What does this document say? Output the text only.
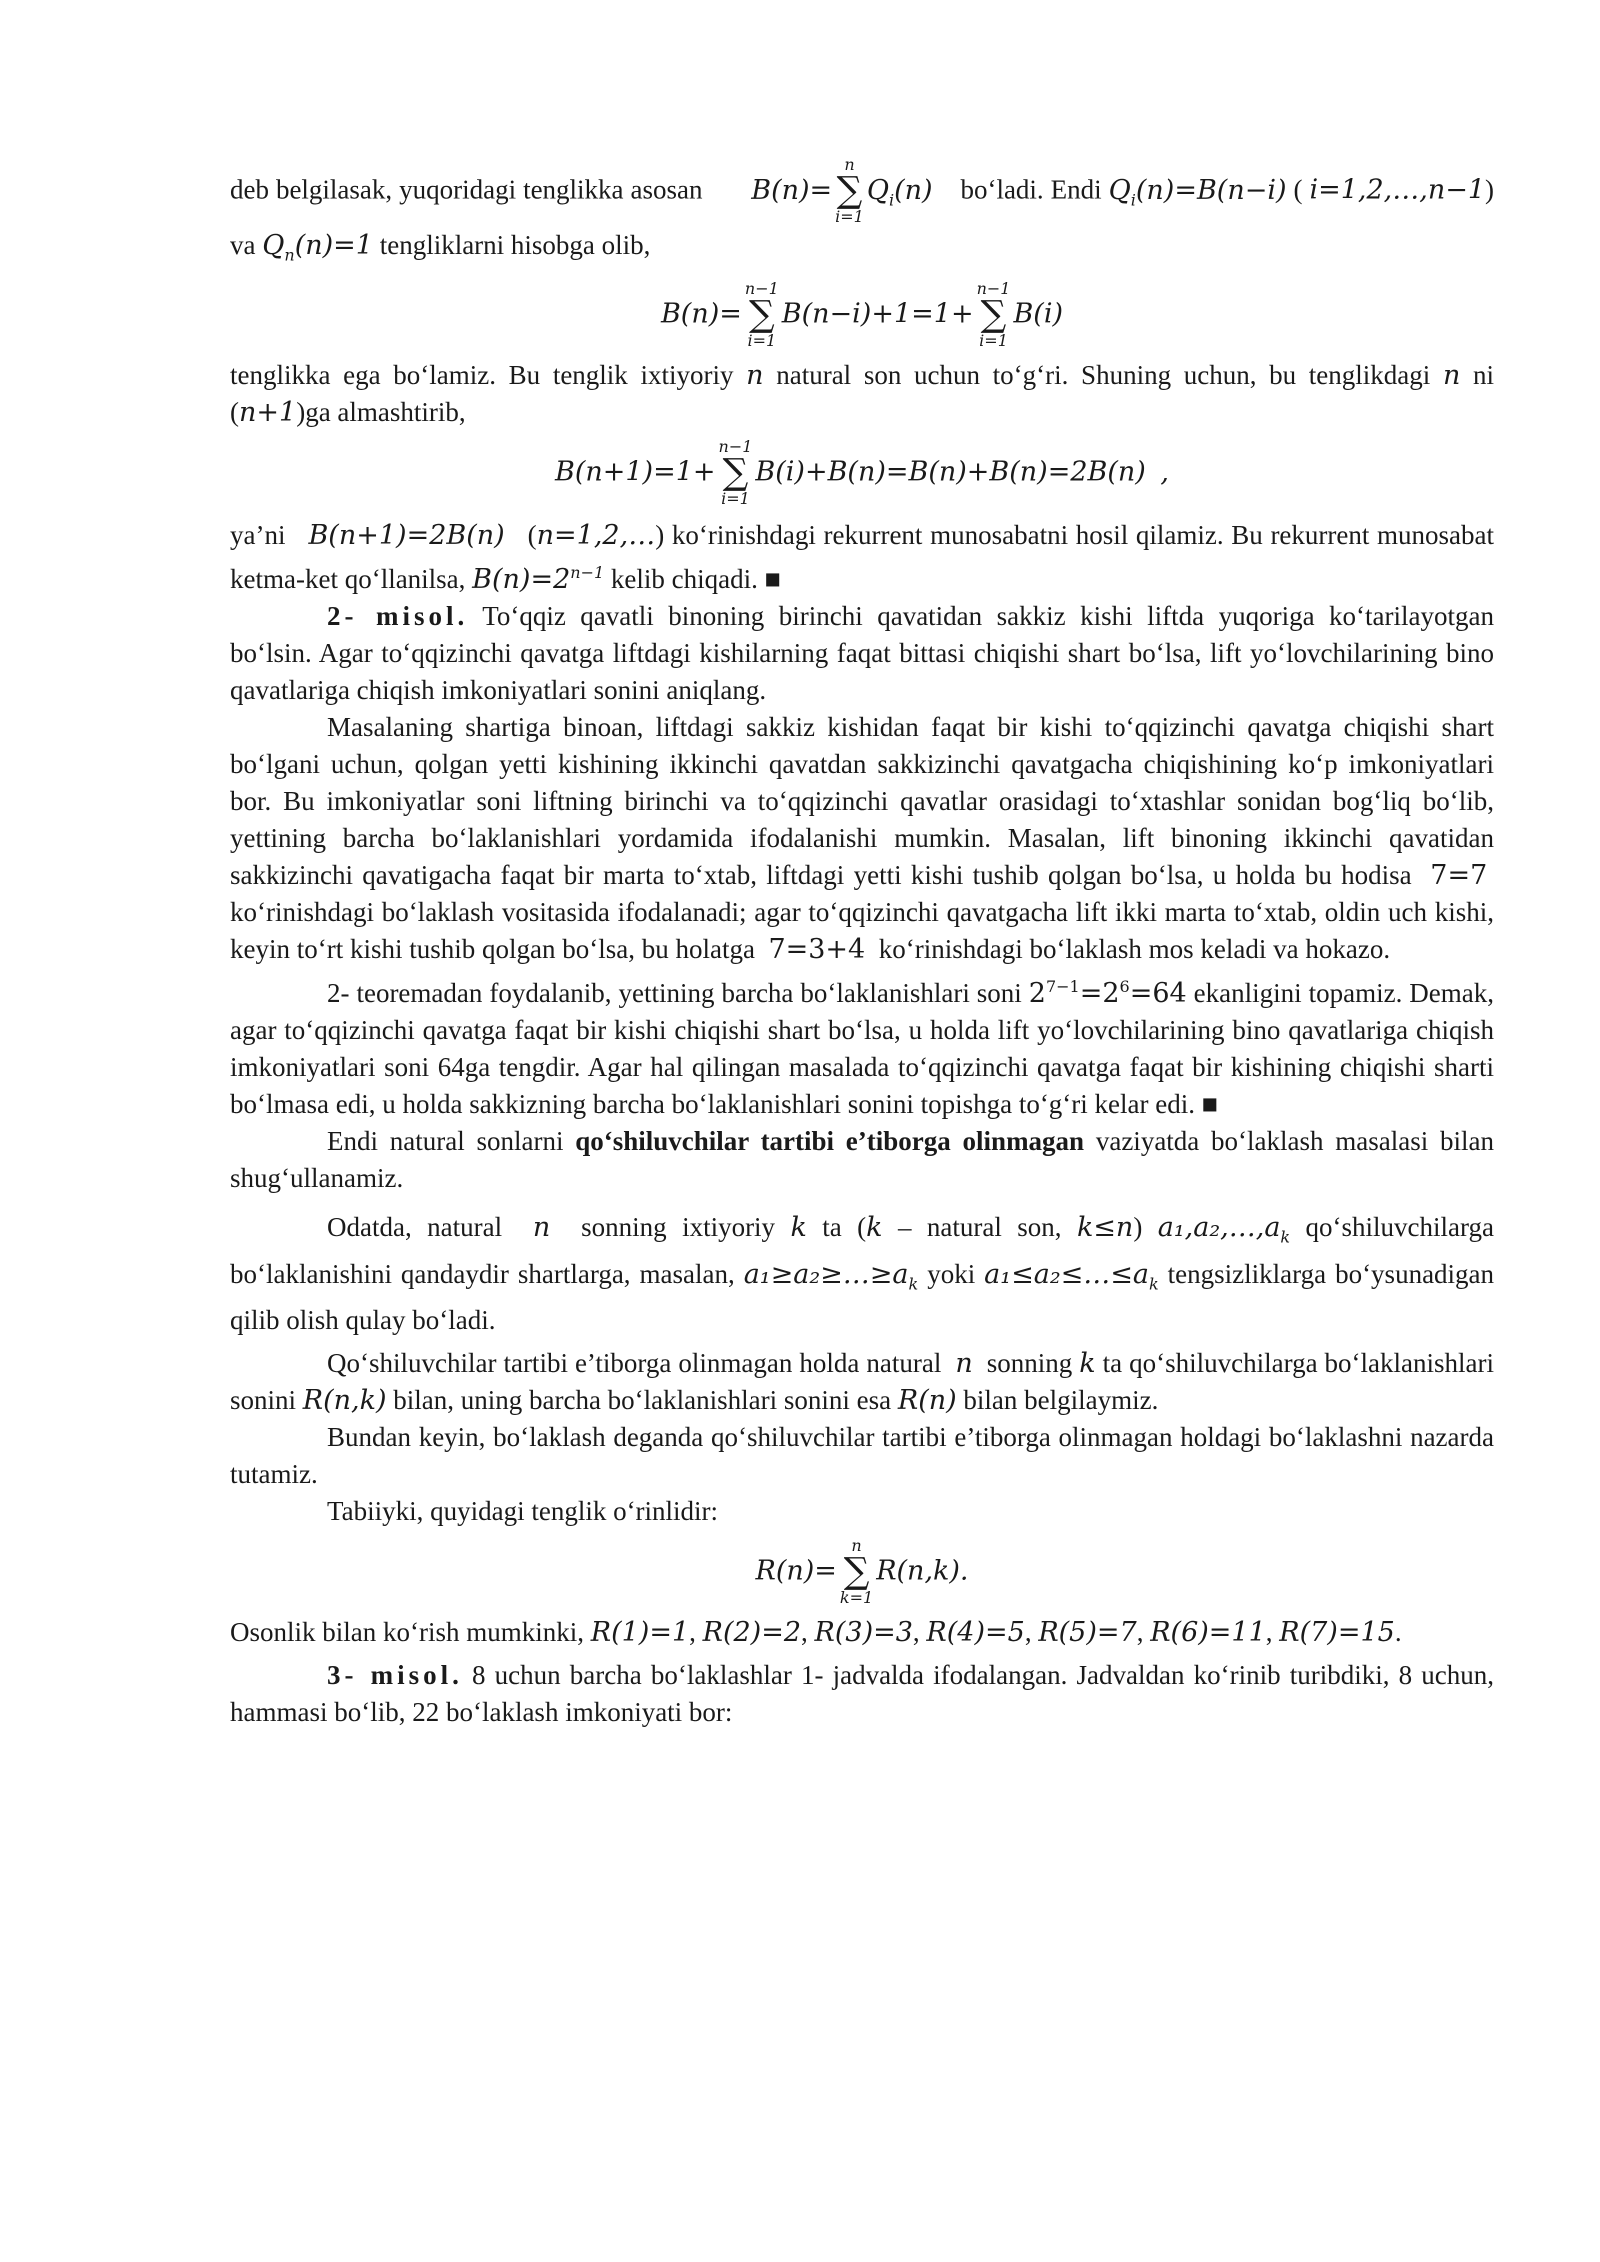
deb belgilasak, yuqoridagi tenglikka asosan B(n)=
n
∑
i=1
$Q_i(n)$ bo‘ladi. Endi $Q_i(n)=B(n-i)$ ( i=1,2,…,n−1) va $Q_n(n)=1$ tengliklarni hisobga olib,

B(n)=
n−1
∑
i=1
B(n−i)+1=1+
n−1
∑
i=1
B(i)

tenglikka ega bo‘lamiz. Bu tenglik ixtiyoriy n natural son uchun to‘g‘ri. Shuning uchun, bu tenglikdagi n ni (n+1)ga almashtirib,

B(n+1)=1+
n−1
∑
i=1
B(i)+B(n)=B(n)+B(n)=2B(n) ,

ya’ni B(n+1)=2B(n) (n=1,2,…) ko‘rinishdagi rekurrent munosabatni hosil qilamiz. Bu rekurrent munosabat ketma-ket qo‘llanilsa, $B(n)=2^{n-1}$ kelib chiqadi. ■

2- misol. To‘qqiz qavatli binoning birinchi qavatidan sakkiz kishi liftda yuqoriga ko‘tarilayotgan bo‘lsin. Agar to‘qqizinchi qavatga liftdagi kishilarning faqat bittasi chiqishi shart bo‘lsa, lift yo‘lovchilarining bino qavatlariga chiqish imkoniyatlari sonini aniqlang.

Masalaning shartiga binoan, liftdagi sakkiz kishidan faqat bir kishi to‘qqizinchi qavatga chiqishi shart bo‘lgani uchun, qolgan yetti kishining ikkinchi qavatdan sakkizinchi qavatgacha chiqishining ko‘p imkoniyatlari bor. Bu imkoniyatlar soni liftning birinchi va to‘qqizinchi qavatlar orasidagi to‘xtashlar sonidan bog‘liq bo‘lib, yettining barcha bo‘laklanishlari yordamida ifodalanishi mumkin. Masalan, lift binoning ikkinchi qavatidan sakkizinchi qavatigacha faqat bir marta to‘xtab, liftdagi yetti kishi tushib qolgan bo‘lsa, u holda bu hodisa 7=7  ko‘rinishdagi bo‘laklash vositasida ifodalanadi; agar to‘qqizinchi qavatgacha lift ikki marta to‘xtab, oldin uch kishi, keyin to‘rt kishi tushib qolgan bo‘lsa, bu holatga 7=3+4 ko‘rinishdagi bo‘laklash mos keladi va hokazo.

2- teoremadan foydalanib, yettining barcha bo‘laklanishlari soni $2^{7-1}=2^6=64$ ekanligini topamiz. Demak, agar to‘qqizinchi qavatga faqat bir kishi chiqishi shart bo‘lsa, u holda lift yo‘lovchilarining bino qavatlariga chiqish imkoniyatlari soni 64ga tengdir. Agar hal qilingan masalada to‘qqizinchi qavatga faqat bir kishining chiqishi sharti bo‘lmasa edi, u holda sakkizning barcha bo‘laklanishlari sonini topishga to‘g‘ri kelar edi. ■

Endi natural sonlarni qo‘shiluvchilar tartibi e’tiborga olinmagan vaziyatda bo‘laklash masalasi bilan shug‘ullanamiz.

Odatda, natural n sonning ixtiyoriy k ta (k – natural son, k≤n) $a_1,a_2,\dots,a_k$ qo‘shiluvchilarga bo‘laklanishini qandaydir shartlarga, masalan, $a_1\ge a_2\ge\dots\ge a_k$ yoki $a_1\le a_2\le\dots\le a_k$ tengsizliklarga bo‘ysunadigan qilib olish qulay bo‘ladi.

Qo‘shiluvchilar tartibi e’tiborga olinmagan holda natural n sonning k ta qo‘shiluvchilarga bo‘laklanishlari sonini R(n,k) bilan, uning barcha bo‘laklanishlari sonini esa R(n) bilan belgilaymiz.

Bundan keyin, bo‘laklash deganda qo‘shiluvchilar tartibi e’tiborga olinmagan holdagi bo‘laklashni nazarda tutamiz.

Tabiiyki, quyidagi tenglik o‘rinlidir:

R(n)=
n
∑
k=1
R(n,k).

Osonlik bilan ko‘rish mumkinki, R(1)=1, R(2)=2, R(3)=3, R(4)=5, R(5)=7, R(6)=11, R(7)=15.

3- misol. 8 uchun barcha bo‘laklashlar 1- jadvalda ifodalangan. Jadvaldan ko‘rinib turibdiki, 8 uchun, hammasi bo‘lib, 22 bo‘laklash imkoniyati bor:
